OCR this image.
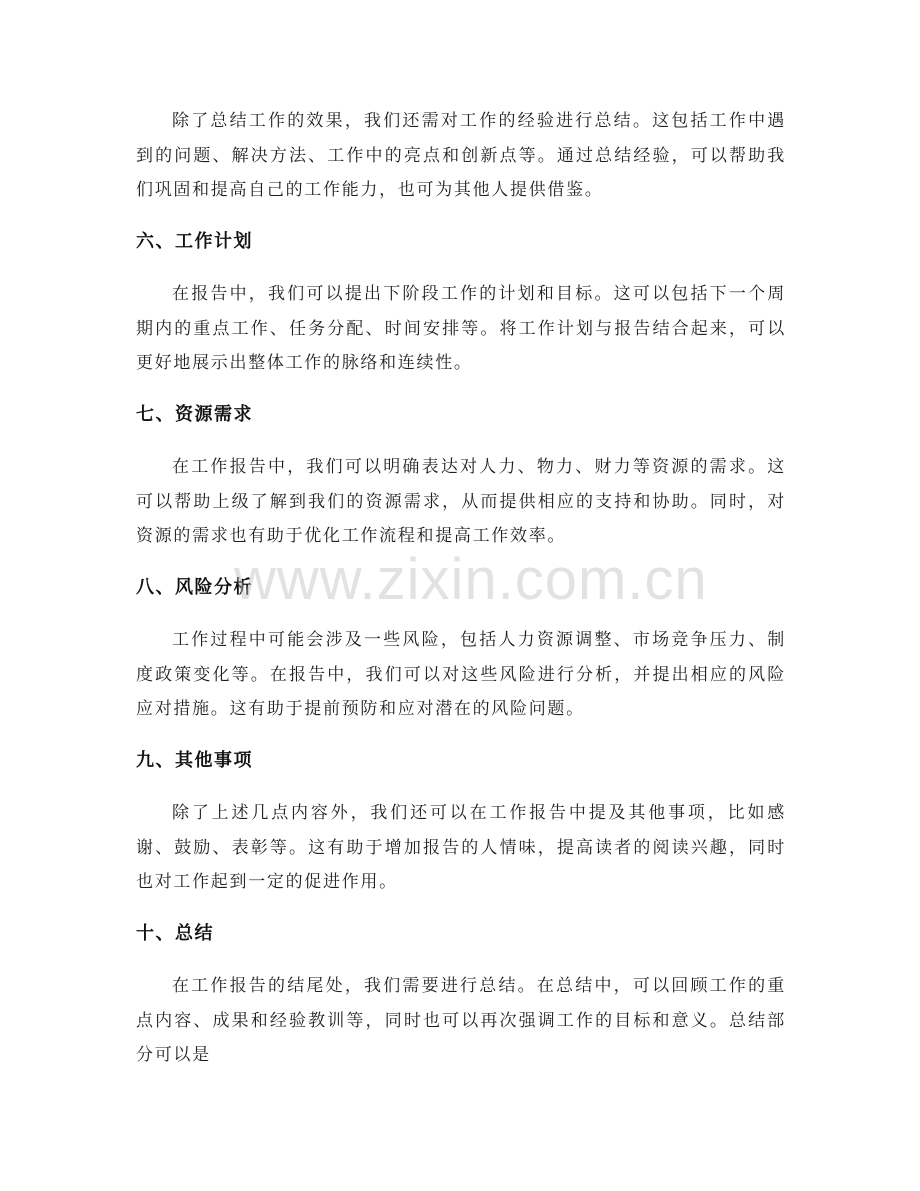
除了总结工作的效果，我们还需对工作的经验进行总结。这包括工作中遇到的问题、解决方法、工作中的亮点和创新点等。通过总结经验，可以帮助我们巩固和提高自己的工作能力，也可为其他人提供借鉴。

六、工作计划

在报告中，我们可以提出下阶段工作的计划和目标。这可以包括下一个周期内的重点工作、任务分配、时间安排等。将工作计划与报告结合起来，可以更好地展示出整体工作的脉络和连续性。

七、资源需求

在工作报告中，我们可以明确表达对人力、物力、财力等资源的需求。这可以帮助上级了解到我们的资源需求，从而提供相应的支持和协助。同时，对资源的需求也有助于优化工作流程和提高工作效率。

八、风险分析

工作过程中可能会涉及一些风险，包括人力资源调整、市场竞争压力、制度政策变化等。在报告中，我们可以对这些风险进行分析，并提出相应的风险应对措施。这有助于提前预防和应对潜在的风险问题。

九、其他事项

除了上述几点内容外，我们还可以在工作报告中提及其他事项，比如感谢、鼓励、表彰等。这有助于增加报告的人情味，提高读者的阅读兴趣，同时也对工作起到一定的促进作用。

十、总结

在工作报告的结尾处，我们需要进行总结。在总结中，可以回顾工作的重点内容、成果和经验教训等，同时也可以再次强调工作的目标和意义。总结部分可以是

www.zixin.com.cn
